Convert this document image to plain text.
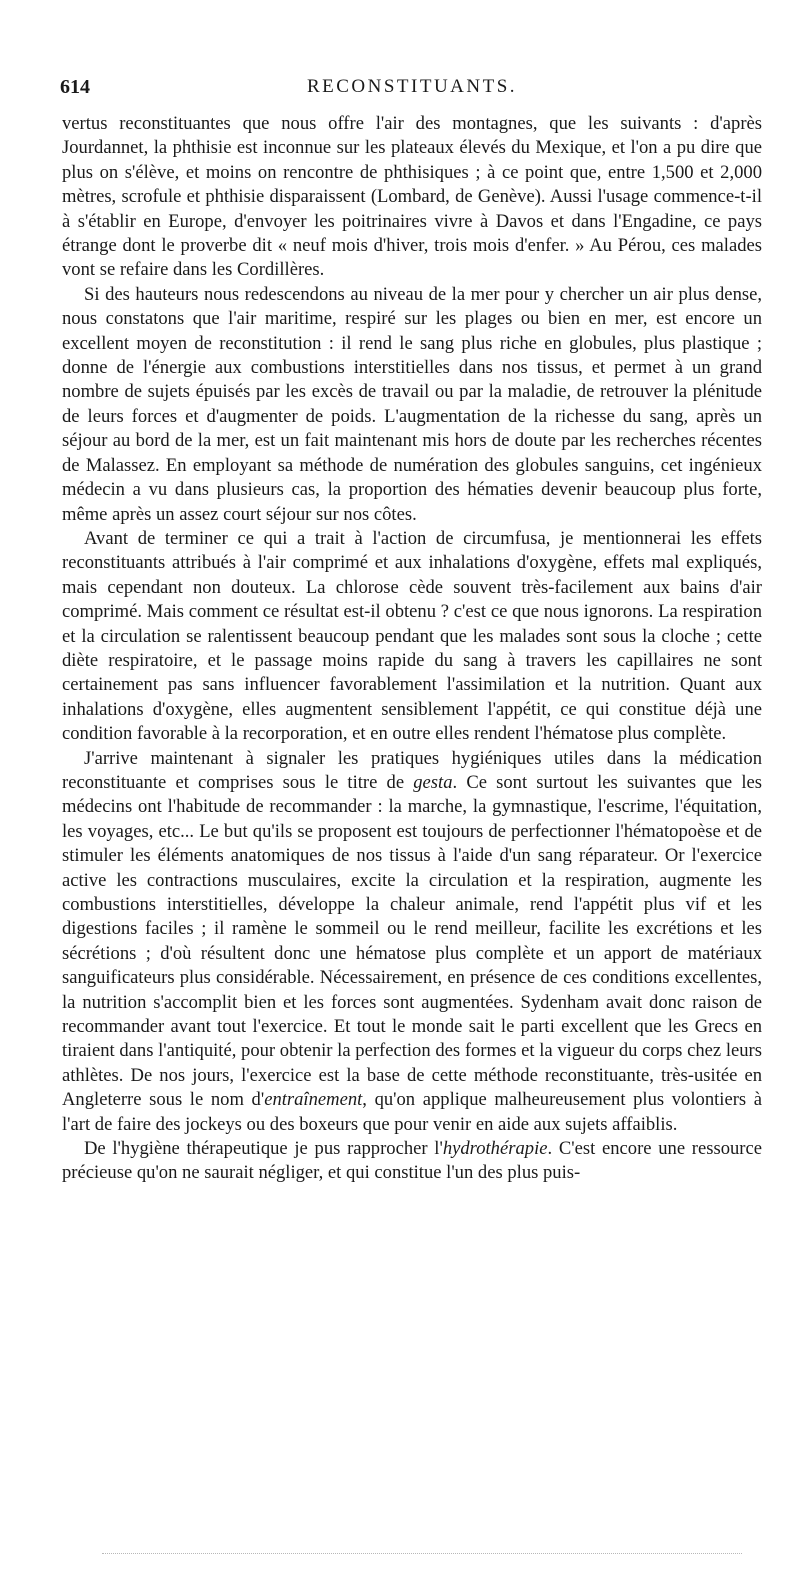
614	RECONSTITUANTS.

vertus reconstituantes que nous offre l'air des montagnes, que les suivants : d'après Jourdannet, la phthisie est inconnue sur les plateaux élevés du Mexique, et l'on a pu dire que plus on s'élève, et moins on rencontre de phthisiques ; à ce point que, entre 1,500 et 2,000 mètres, scrofule et phthisie disparaissent (Lombard, de Genève). Aussi l'usage commence-t-il à s'établir en Europe, d'envoyer les poitrinaires vivre à Davos et dans l'Engadine, ce pays étrange dont le proverbe dit « neuf mois d'hiver, trois mois d'enfer. » Au Pérou, ces malades vont se refaire dans les Cordillères.

Si des hauteurs nous redescendons au niveau de la mer pour y chercher un air plus dense, nous constatons que l'air maritime, respiré sur les plages ou bien en mer, est encore un excellent moyen de reconstitution : il rend le sang plus riche en globules, plus plastique ; donne de l'énergie aux combustions interstitielles dans nos tissus, et permet à un grand nombre de sujets épuisés par les excès de travail ou par la maladie, de retrouver la plénitude de leurs forces et d'augmenter de poids. L'augmentation de la richesse du sang, après un séjour au bord de la mer, est un fait maintenant mis hors de doute par les recherches récentes de Malassez. En employant sa méthode de numération des globules sanguins, cet ingénieux médecin a vu dans plusieurs cas, la proportion des hématies devenir beaucoup plus forte, même après un assez court séjour sur nos côtes.

Avant de terminer ce qui a trait à l'action de circumfusa, je mentionnerai les effets reconstituants attribués à l'air comprimé et aux inhalations d'oxygène, effets mal expliqués, mais cependant non douteux. La chlorose cède souvent très-facilement aux bains d'air comprimé. Mais comment ce résultat est-il obtenu ? c'est ce que nous ignorons. La respiration et la circulation se ralentissent beaucoup pendant que les malades sont sous la cloche ; cette diète respiratoire, et le passage moins rapide du sang à travers les capillaires ne sont certainement pas sans influencer favorablement l'assimilation et la nutrition. Quant aux inhalations d'oxygène, elles augmentent sensiblement l'appétit, ce qui constitue déjà une condition favorable à la recorporation, et en outre elles rendent l'hématose plus complète.

J'arrive maintenant à signaler les pratiques hygiéniques utiles dans la médication reconstituante et comprises sous le titre de gesta. Ce sont surtout les suivantes que les médecins ont l'habitude de recommander : la marche, la gymnastique, l'escrime, l'équitation, les voyages, etc... Le but qu'ils se proposent est toujours de perfectionner l'hématopoèse et de stimuler les éléments anatomiques de nos tissus à l'aide d'un sang réparateur. Or l'exercice active les contractions musculaires, excite la circulation et la respiration, augmente les combustions interstitielles, développe la chaleur animale, rend l'appétit plus vif et les digestions faciles ; il ramène le sommeil ou le rend meilleur, facilite les excrétions et les sécrétions ; d'où résultent donc une hématose plus complète et un apport de matériaux sanguificateurs plus considérable. Nécessairement, en présence de ces conditions excellentes, la nutrition s'accomplit bien et les forces sont augmentées. Sydenham avait donc raison de recommander avant tout l'exercice. Et tout le monde sait le parti excellent que les Grecs en tiraient dans l'antiquité, pour obtenir la perfection des formes et la vigueur du corps chez leurs athlètes. De nos jours, l'exercice est la base de cette méthode reconstituante, très-usitée en Angleterre sous le nom d'entraînement, qu'on applique malheureusement plus volontiers à l'art de faire des jockeys ou des boxeurs que pour venir en aide aux sujets affaiblis.

De l'hygiène thérapeutique je pus rapprocher l'hydrothérapie. C'est encore une ressource précieuse qu'on ne saurait négliger, et qui constitue l'un des plus puis-
